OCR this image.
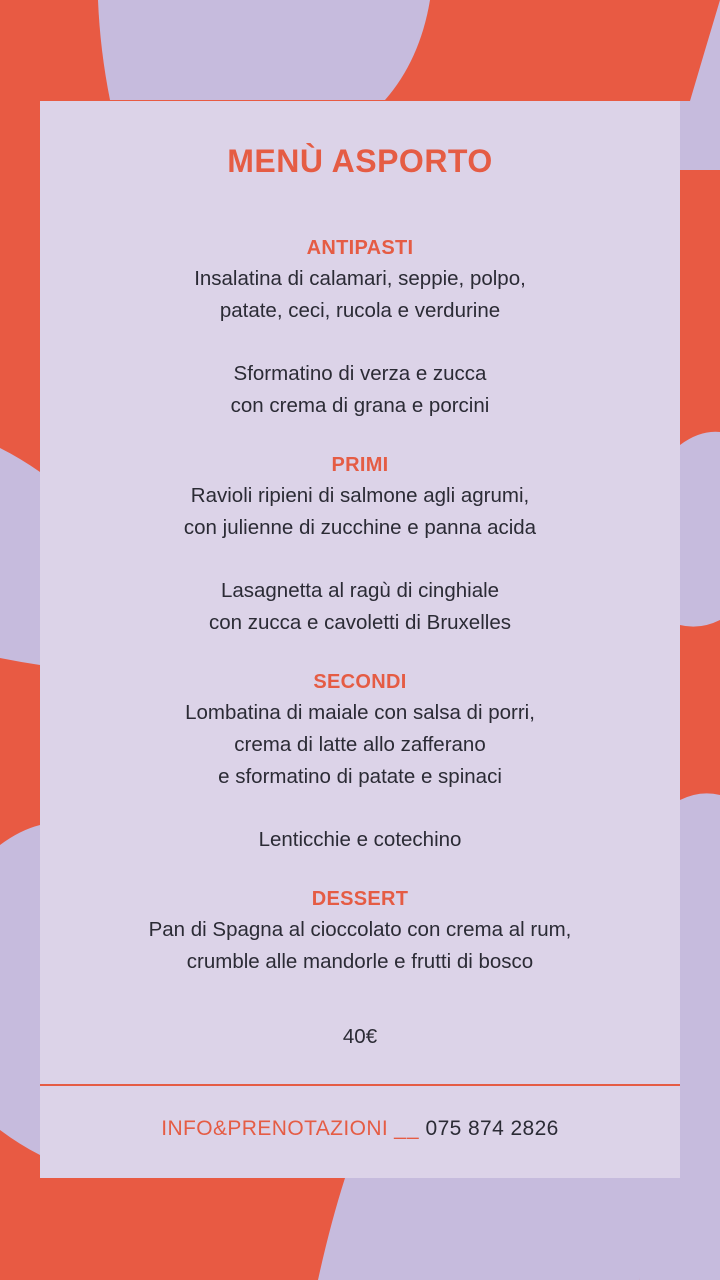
MENÙ ASPORTO
ANTIPASTI
Insalatina di calamari, seppie, polpo,
patate, ceci, rucola e verdurine
Sformatino di verza e zucca
con crema di grana e porcini
PRIMI
Ravioli ripieni di salmone agli agrumi,
con julienne di zucchine e panna acida
Lasagnetta al ragù di cinghiale
con zucca e cavoletti di Bruxelles
SECONDI
Lombatina di maiale con salsa di porri,
crema di latte allo zafferano
e sformatino di patate e spinaci
Lenticchie e cotechino
DESSERT
Pan di Spagna al cioccolato con crema al rum,
crumble alle mandorle e frutti di bosco
40€
INFO&PRENOTAZIONI __ 075 874 2826
